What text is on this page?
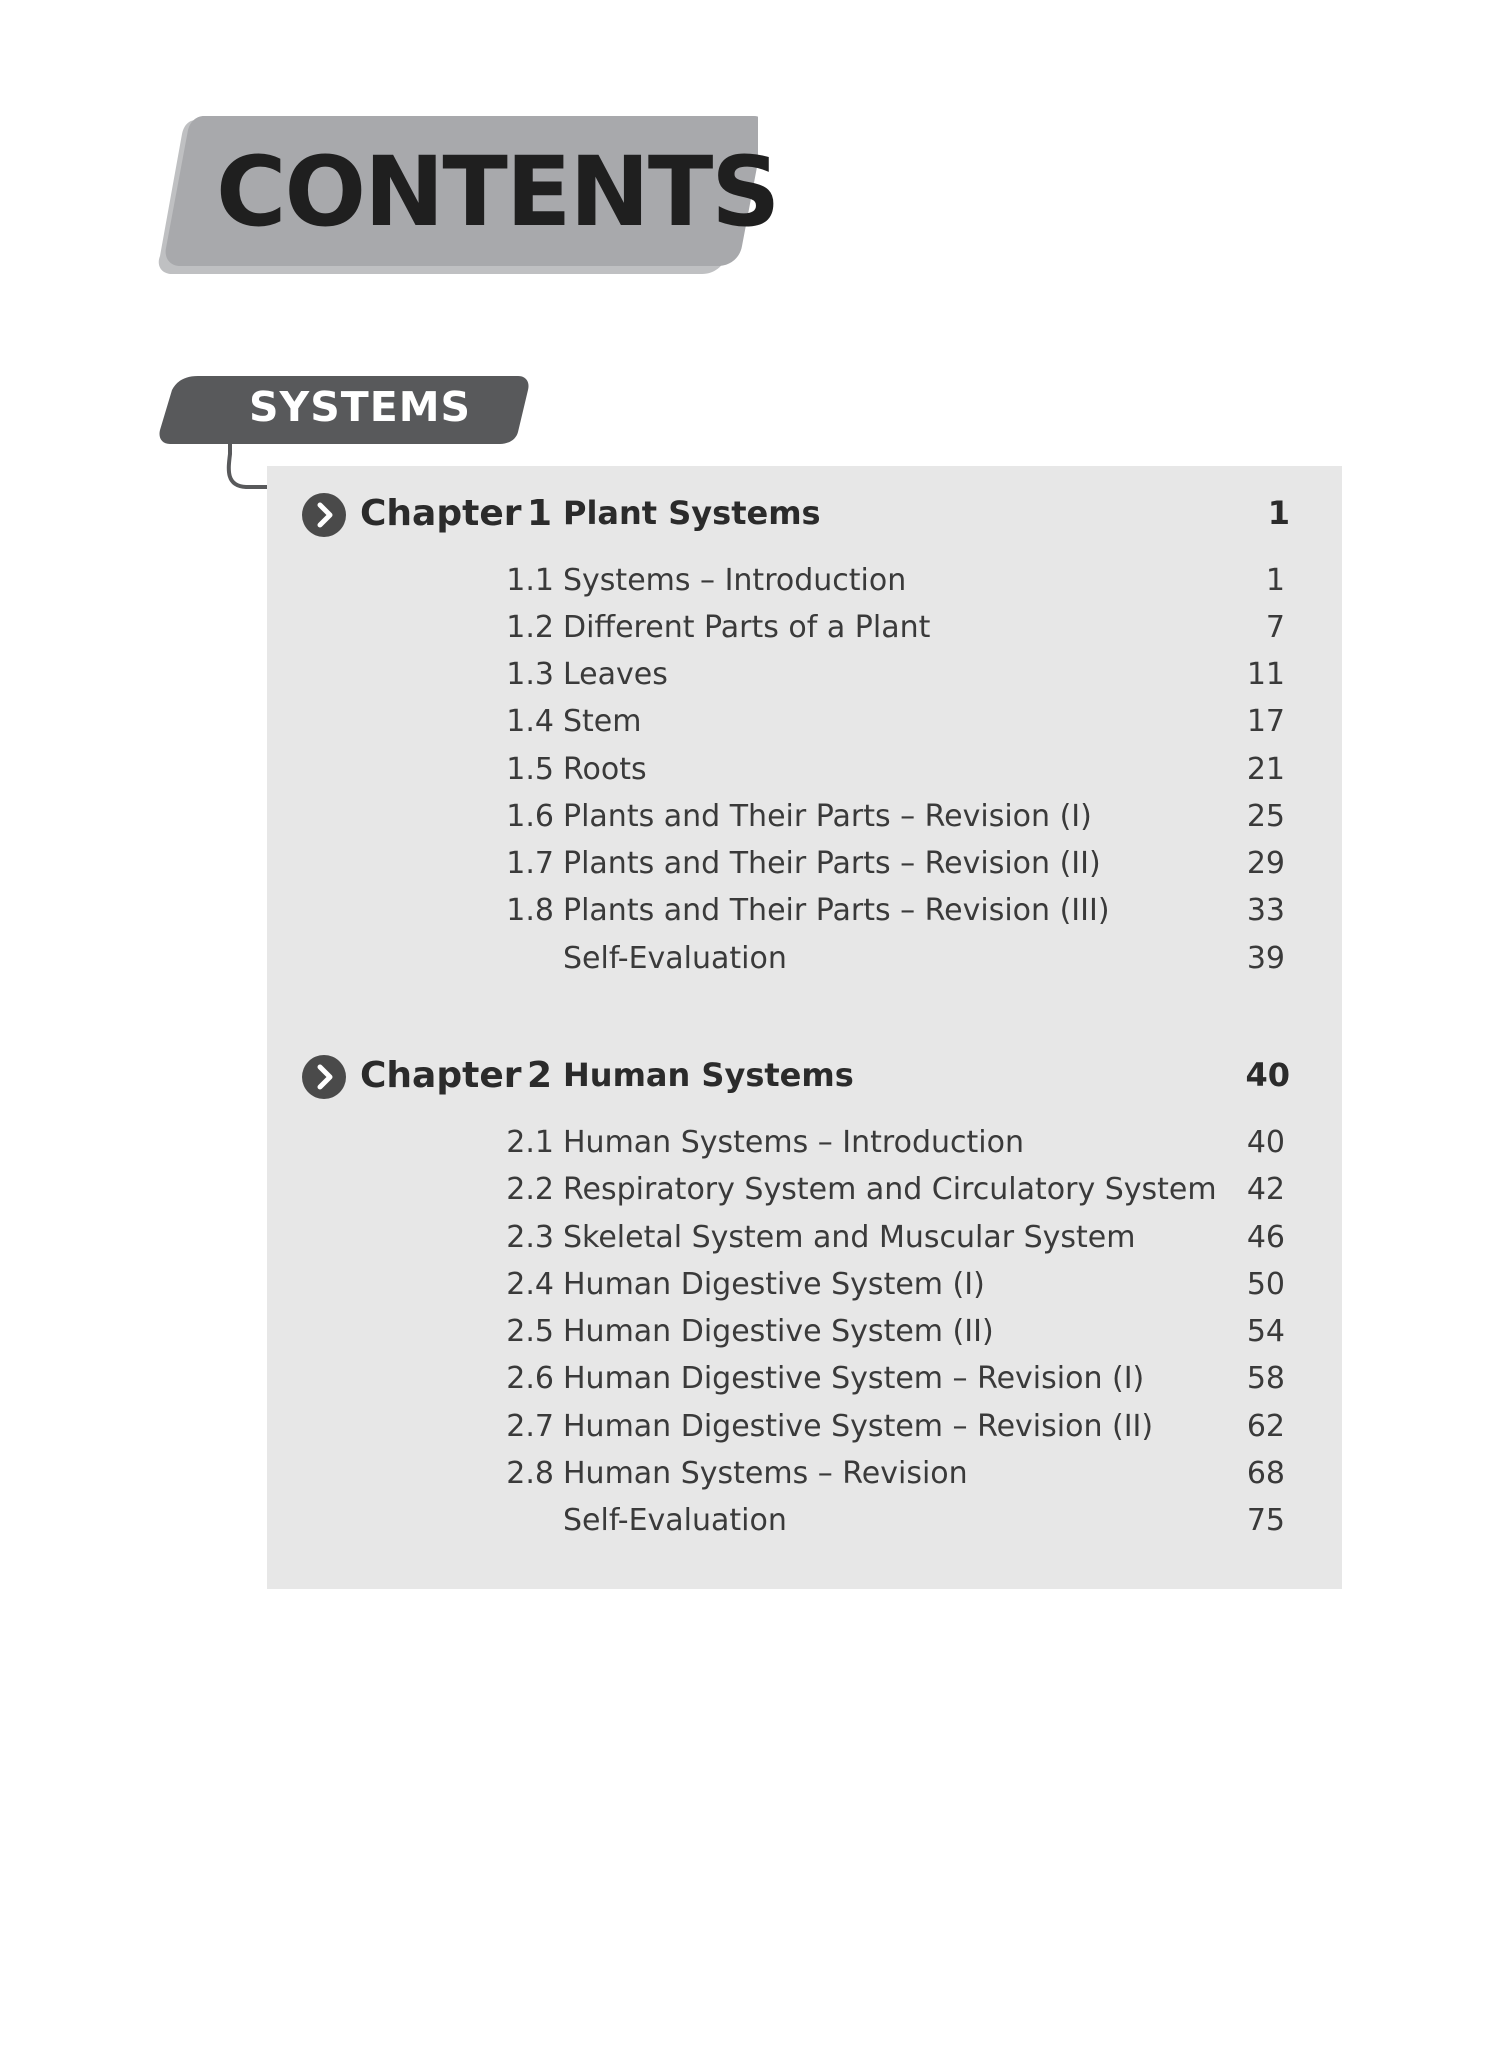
CONTENTS
SYSTEMS
Chapter 1 Plant Systems	1
1.1 Systems – Introduction	1
1.2 Different Parts of a Plant	7
1.3 Leaves	11
1.4 Stem	17
1.5 Roots	21
1.6 Plants and Their Parts – Revision (I)	25
1.7 Plants and Their Parts – Revision (II)	29
1.8 Plants and Their Parts – Revision (III)	33
Self-Evaluation	39
Chapter 2 Human Systems	40
2.1 Human Systems – Introduction	40
2.2 Respiratory System and Circulatory System 42
2.3 Skeletal System and Muscular System	46
2.4 Human Digestive System (I)	50
2.5 Human Digestive System (II)	54
2.6 Human Digestive System – Revision (I)	58
2.7 Human Digestive System – Revision (II)	62
2.8 Human Systems – Revision	68
Self-Evaluation	75
